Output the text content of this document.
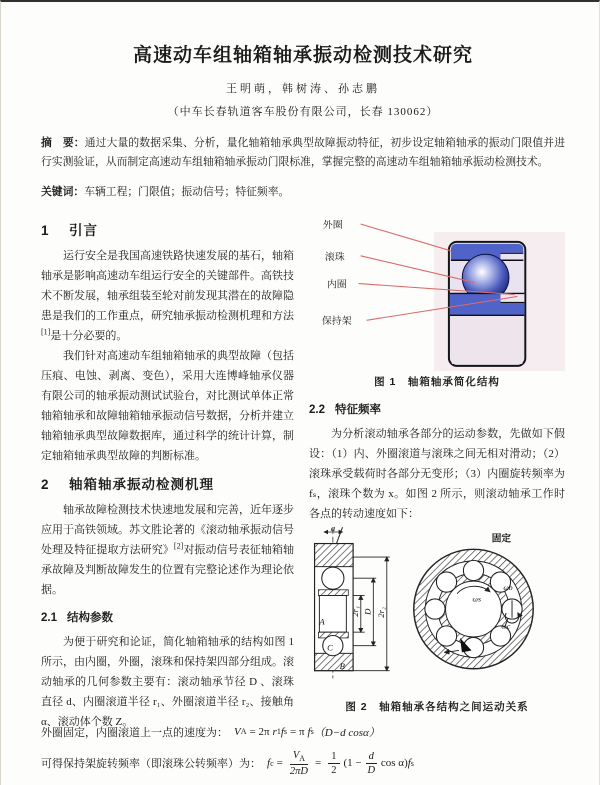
高速动车组轴箱轴承振动检测技术研究
王明萌，韩树涛、孙志鹏
（中车长春轨道客车股份有限公司，长春 130062）

摘　要：通过大量的数据采集、分析，量化轴箱轴承典型故障振动特征，初步设定轴箱轴承的振动门限值并进行实测验证，从而制定高速动车组轴箱轴承振动门限标准，掌握完整的高速动车组轴箱轴承振动检测技术。

关键词：车辆工程；门限值；振动信号；特征频率。

1	引言

运行安全是我国高速铁路快速发展的基石，轴箱轴承是影响高速动车组运行安全的关键部件。高铁技术不断发展，轴承组装至轮对前发现其潜在的故障隐患是我们的工作重点，研究轴承振动检测机理和方法[1]是十分必要的。

我们针对高速动车组轴箱轴承的典型故障（包括压痕、电蚀、剥离、变色），采用大连博峰轴承仪器有限公司的轴承振动测试试验台，对比测试单体正常轴箱轴承和故障轴箱轴承振动信号数据，分析并建立轴箱轴承典型故障数据库，通过科学的统计计算，制定轴箱轴承典型故障的判断标准。

2	轴箱轴承振动检测机理

轴承故障检测技术快速地发展和完善，近年逐步应用于高铁领域。苏文胜论著的《滚动轴承振动信号处理及特征提取方法研究》[2]对振动信号表征轴箱轴承故障及判断故障发生的位置有完整论述作为理论依据。

2.1 结构参数

为便于研究和论证，简化轴箱轴承的结构如图 1 所示，由内圈，外圈，滚珠和保持架四部分组成。滚动轴承的几何参数主要有：滚动轴承节径 D 、滚珠直径 d、内圈滚道半径 r₁、外圈滚道半径 r₂、接触角 α、滚动体个数 Z。

外圈
滚珠
内圈
保持架
图 1　轴箱轴承简化结构
2.2 特征频率

为分析滚动轴承各部分的运动参数，先做如下假设：（1）内、外圈滚道与滚珠之间无相对滑动；（2）滚珠承受载荷时各部分无变形；（3）内圈旋转频率为 fₛ，滚珠个数为 x。如图 2 所示，则滚动轴承工作时各点的转动速度如下：

a
A
C
B
2r₁ D 2r₂
ωs
ωb
ωc
固定
图 2　轴箱轴承各结构之间运动关系
外圈固定，内圈滚道上一点的速度为： V A = 2π r 1 f s = π f s （D−d cosα）
可得保持架旋转频率（即滚珠公转频率）为： f $c = \frac{V_A}{2\pi D} = \frac{1}{2} (1 - \frac{d}{D}$ cos α) f s
